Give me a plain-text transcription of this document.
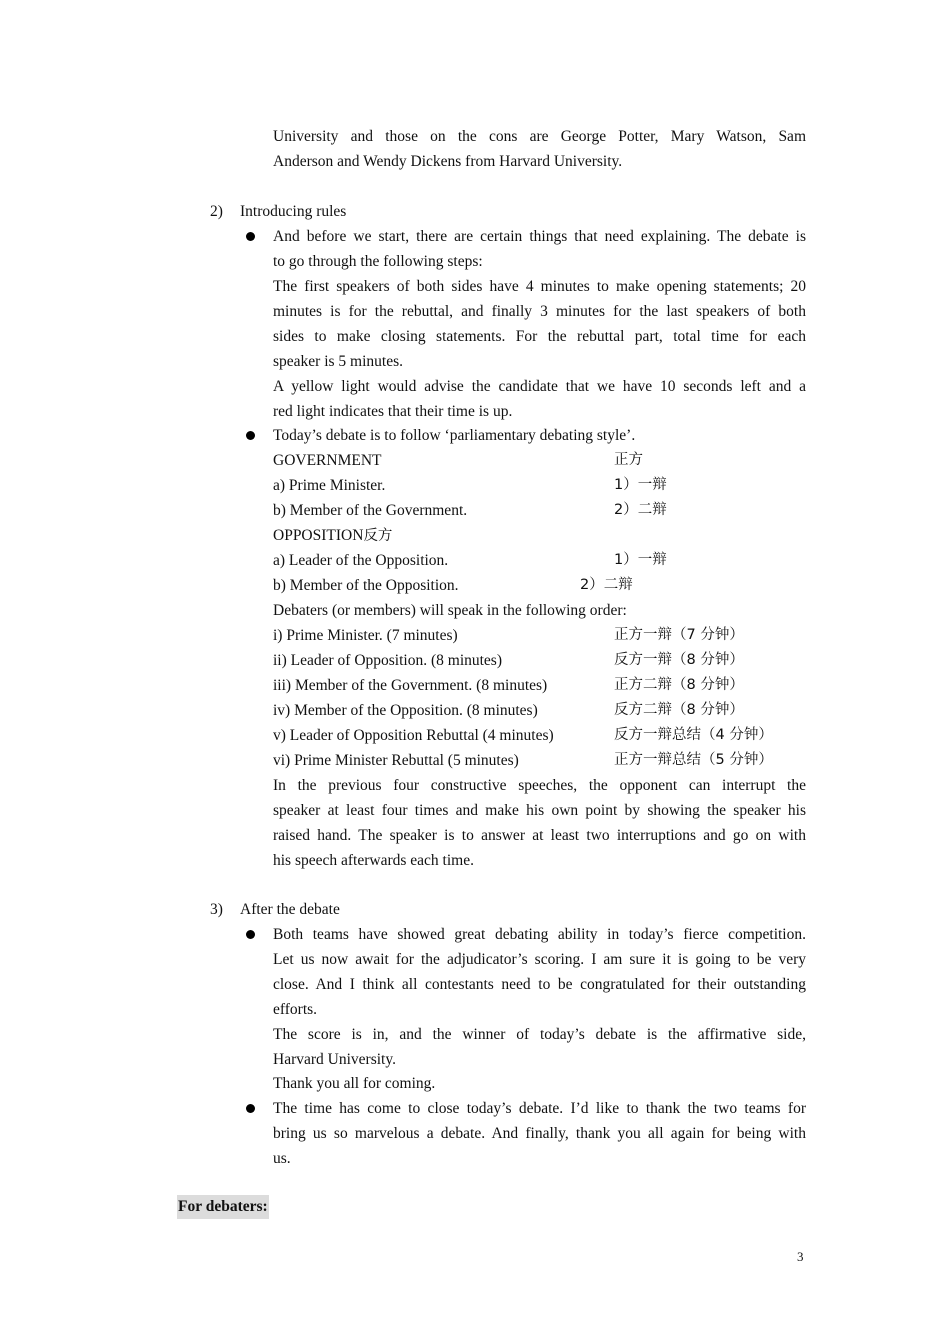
University and those on the cons are George Potter, Mary Watson, Sam
Anderson and Wendy Dickens from Harvard University.
2) Introducing rules
And before we start, there are certain things that need explaining. The debate is
to go through the following steps:
The first speakers of both sides have 4 minutes to make opening statements; 20
minutes is for the rebuttal, and finally 3 minutes for the last speakers of both
sides to make closing statements. For the rebuttal part, total time for each
speaker is 5 minutes.
A yellow light would advise the candidate that we have 10 seconds left and a
red light indicates that their time is up.
Today’s debate is to follow ‘parliamentary debating style’.
GOVERNMENT	正方
a) Prime Minister.	1）一辩
b) Member of the Government.	2）二辩
OPPOSITION反方
a) Leader of the Opposition.	1）一辩
b) Member of the Opposition.	2）二辩
Debaters (or members) will speak in the following order:
i) Prime Minister. (7 minutes)	正方一辩（7 分钟）
ii) Leader of Opposition. (8 minutes)	反方一辩（8 分钟）
iii) Member of the Government. (8 minutes)	正方二辩（8 分钟）
iv) Member of the Opposition. (8 minutes)	反方二辩（8 分钟）
v) Leader of Opposition Rebuttal (4 minutes)	反方一辩总结（4 分钟）
vi) Prime Minister Rebuttal (5 minutes)	正方一辩总结（5 分钟）
In the previous four constructive speeches, the opponent can interrupt the
speaker at least four times and make his own point by showing the speaker his
raised hand. The speaker is to answer at least two interruptions and go on with
his speech afterwards each time.
3) After the debate
Both teams have showed great debating ability in today’s fierce competition.
Let us now await for the adjudicator’s scoring. I am sure it is going to be very
close. And I think all contestants need to be congratulated for their outstanding
efforts.
The score is in, and the winner of today’s debate is the affirmative side,
Harvard University.
Thank you all for coming.
The time has come to close today’s debate. I’d like to thank the two teams for
bring us so marvelous a debate. And finally, thank you all again for being with
us.
For debaters:
3
